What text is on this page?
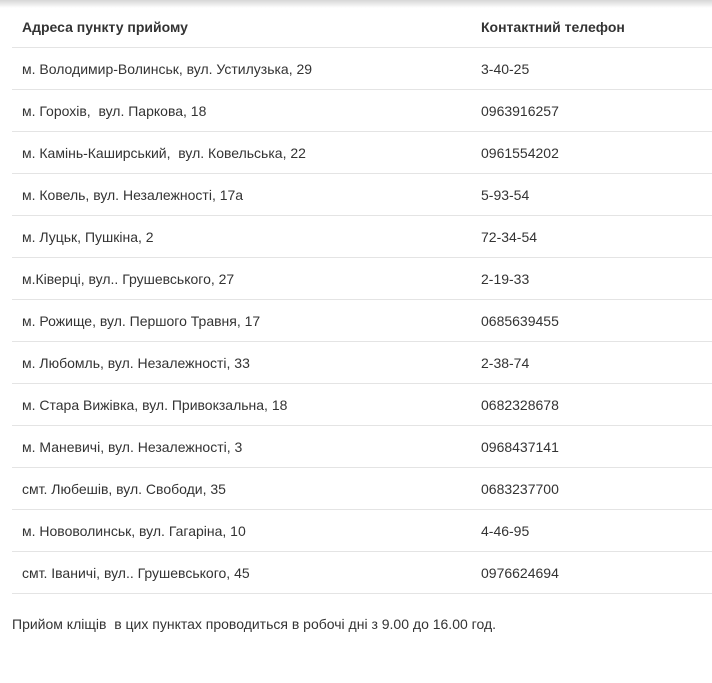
Адреса пункту прийому	Контактний телефон
м. Володимир-Волинськ, вул. Устилузька, 29	3-40-25
м. Горохів,  вул. Паркова, 18	0963916257
м. Камінь-Каширський,  вул. Ковельська, 22	0961554202
м. Ковель, вул. Незалежності, 17а	5-93-54
м. Луцьк, Пушкіна, 2	72-34-54
м.Ківерці, вул.. Грушевського, 27	2-19-33
м. Рожище, вул. Першого Травня, 17	0685639455
м. Любомль, вул. Незалежності, 33	2-38-74
м. Стара Вижівка, вул. Привокзальна, 18	0682328678
м. Маневичі, вул. Незалежності, 3	0968437141
смт. Любешів, вул. Свободи, 35	0683237700
м. Нововолинськ, вул. Гагаріна, 10	4-46-95
смт. Іваничі, вул.. Грушевського, 45	0976624694
Прийом кліщів  в цих пунктах проводиться в робочі дні з 9.00 до 16.00 год.
